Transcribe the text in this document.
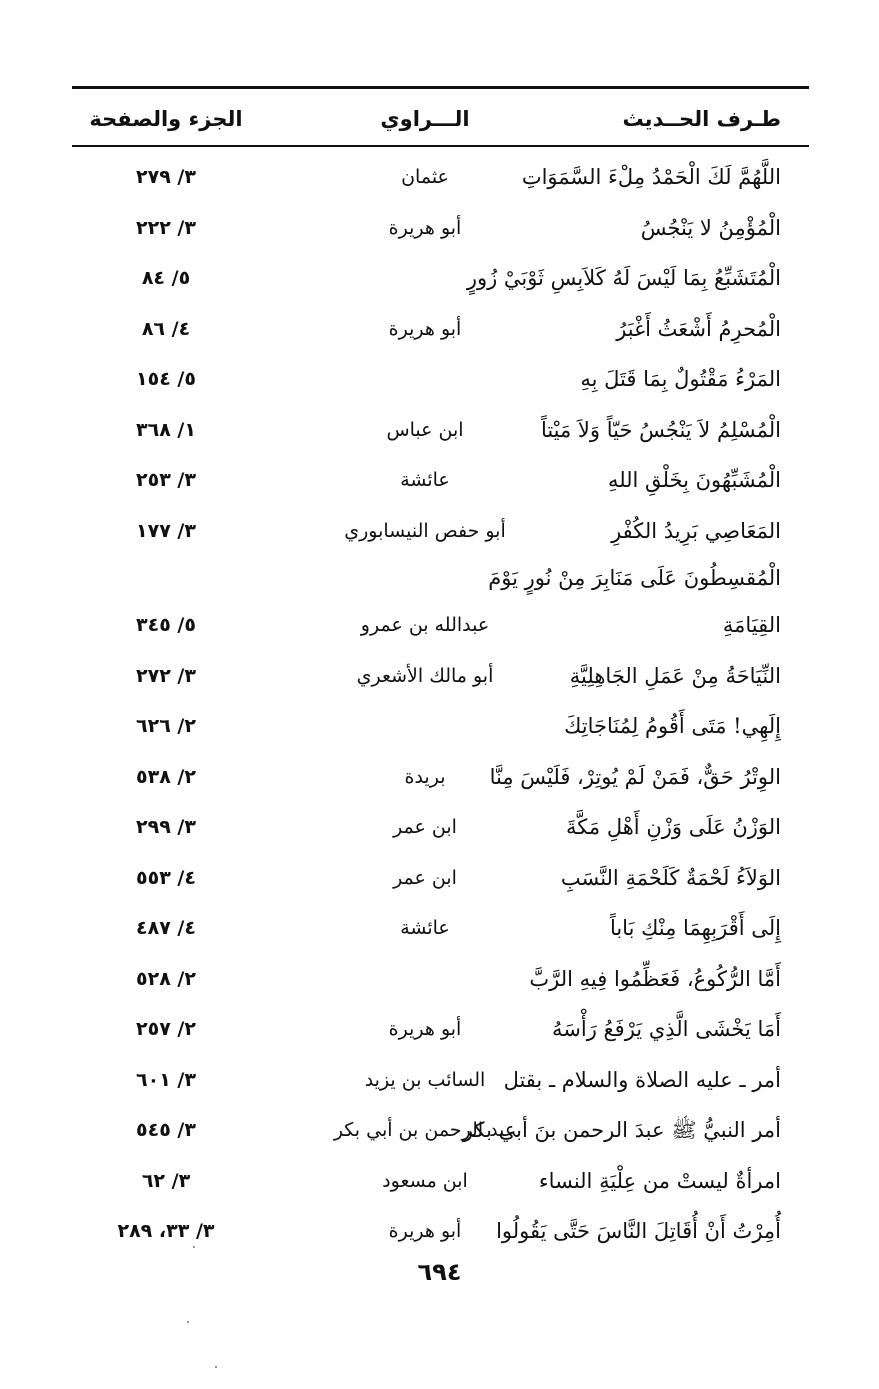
طـرف الحــديث
الـــراوي
الجزء والصفحة
اللَّهُمَّ لَكَ الْحَمْدُ مِلْءَ السَّمَوَاتِ
عثمان
٣/ ٢٧٩
الْمُؤْمِنُ لا يَنْجُسُ
أبو هريرة
٣/ ٢٢٢
الْمُتَشَبِّعُ بِمَا لَيْسَ لَهُ كَلاَبِسِ ثَوْبَيْ زُورٍ
٥/ ٨٤
الْمُحرِمُ أَشْعَثُ أَغْبَرُ
أبو هريرة
٤/ ٨٦
المَرْءُ مَقْتُولٌ بِمَا قَتَلَ بِهِ
٥/ ١٥٤
الْمُسْلِمُ لاَ يَنْجُسُ حَيّاً وَلاَ مَيْتاً
ابن عباس
١/ ٣٦٨
الْمُشَبِّهُونَ بِخَلْقِ اللهِ
عائشة
٣/ ٢٥٣
المَعَاصِي بَرِيدُ الكُفْرِ
أبو حفص النيسابوري
٣/ ١٧٧
الْمُقسِطُونَ عَلَى مَنَابِرَ مِنْ نُورٍ يَوْمَ
القِيَامَةِ
عبدالله بن عمرو
٥/ ٣٤٥
النِّيَاحَةُ مِنْ عَمَلِ الجَاهِلِيَّةِ
أبو مالك الأشعري
٣/ ٢٧٢
إِلَهِي! مَتَى أَقُومُ لِمُنَاجَاتِكَ
٢/ ٦٢٦
الوِتْرُ حَقٌّ، فَمَنْ لَمْ يُوتِرْ، فَلَيْسَ مِنَّا
بريدة
٢/ ٥٣٨
الوَزْنُ عَلَى وَزْنِ أَهْلِ مَكَّةَ
ابن عمر
٣/ ٢٩٩
الوَلاَءُ لَحْمَةٌ كَلَحْمَةِ النَّسَبِ
ابن عمر
٤/ ٥٥٣
إِلَى أَقْرَبِهِمَا مِنْكِ بَاباً
عائشة
٤/ ٤٨٧
أَمَّا الرُّكُوعُ، فَعَظِّمُوا فِيهِ الرَّبَّ
٢/ ٥٢٨
أَمَا يَخْشَى الَّذِي يَرْفَعُ رَأْسَهُ
أبو هريرة
٢/ ٢٥٧
أمر ـ عليه الصلاة والسلام ـ بقتل
السائب بن يزيد
٣/ ٦٠١
أمر النبيُّ ﷺ عبدَ الرحمن بنَ أبي بكر
عبد الرحمن بن أبي بكر
٣/ ٥٤٥
امرأةٌ ليستْ من عِلْيَةِ النساء
ابن مسعود
٣/ ٦٢
أُمِرْتُ أَنْ أُقَاتِلَ النَّاسَ حَتَّى يَقُولُوا
أبو هريرة
٣/ ٣٣، ٢٨٩
٦٩٤
